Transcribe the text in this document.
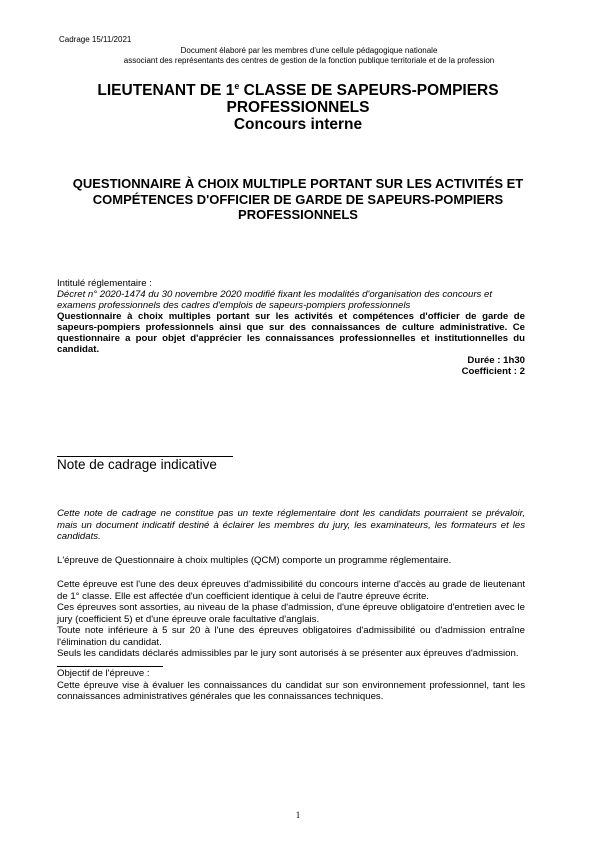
Cadrage 15/11/2021
Document élaboré par les membres d'une cellule pédagogique nationale
associant des représentants des centres de gestion de la fonction publique territoriale et de la profession
LIEUTENANT DE 1e CLASSE DE SAPEURS-POMPIERS
PROFESSIONNELS
Concours interne
QUESTIONNAIRE À CHOIX MULTIPLE PORTANT SUR LES ACTIVITÉS ET
COMPÉTENCES D'OFFICIER DE GARDE DE SAPEURS-POMPIERS
PROFESSIONNELS

Intitulé réglementaire :

Décret n° 2020-1474 du 30 novembre 2020 modifié fixant les modalités d'organisation des concours et

examens professionnels des cadres d'emplois de sapeurs-pompiers professionnels

Questionnaire à choix multiples portant sur les activités et compétences d'officier de garde de sapeurs-pompiers professionnels ainsi que sur des connaissances de culture administrative. Ce questionnaire a pour objet d'apprécier les connaissances professionnelles et institutionnelles du candidat.

Durée : 1h30

Coefficient : 2

Note de cadrage indicative

Cette note de cadrage ne constitue pas un texte réglementaire dont les candidats pourraient se prévaloir, mais un document indicatif destiné à éclairer les membres du jury, les examinateurs, les formateurs et les candidats.

L'épreuve de Questionnaire à choix multiples (QCM) comporte un programme réglementaire.

Cette épreuve est l'une des deux épreuves d'admissibilité du concours interne d'accès au grade de lieutenant de 1° classe. Elle est affectée d'un coefficient identique à celui de l'autre épreuve écrite.

Ces épreuves sont assorties, au niveau de la phase d'admission, d'une épreuve obligatoire d'entretien avec le jury (coefficient 5) et d'une épreuve orale facultative d'anglais.

Toute note inférieure à 5 sur 20 à l'une des épreuves obligatoires d'admissibilité ou d'admission entraîne l'élimination du candidat.

Seuls les candidats déclarés admissibles par le jury sont autorisés à se présenter aux épreuves d'admission.

Objectif de l'épreuve :

Cette épreuve vise à évaluer les connaissances du candidat sur son environnement professionnel, tant les connaissances administratives générales que les connaissances techniques.

1
